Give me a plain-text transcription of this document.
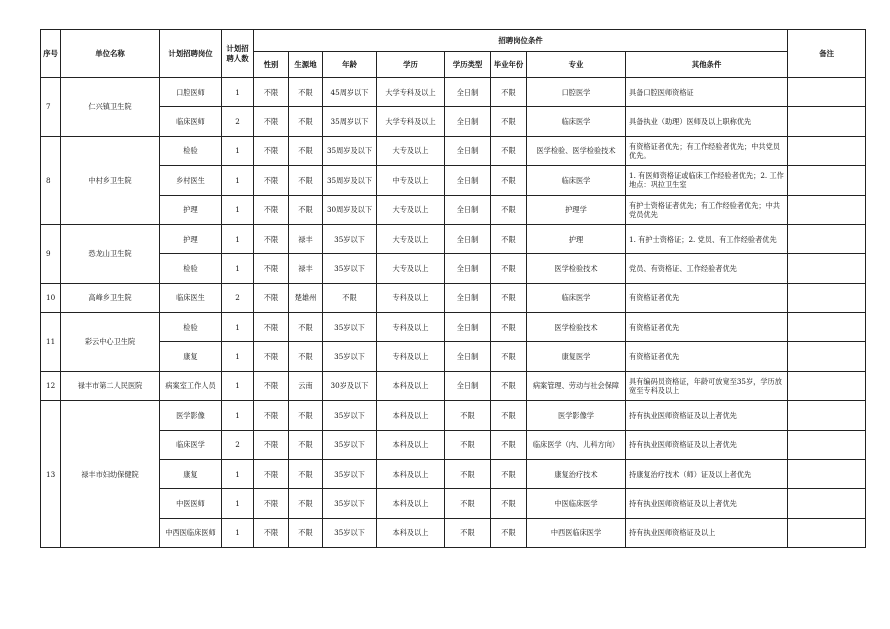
序号	单位名称	计划招聘岗位	计划招聘人数	招聘岗位条件								备注
				性别	生源地	年龄	学历	学历类型	毕业年份	专业	其他条件	
7	仁兴镇卫生院	口腔医师	1	不限	不限	45周岁以下	大学专科及以上	全日制	不限	口腔医学	具备口腔医师资格证	
		临床医师	2	不限	不限	35周岁以下	大学专科及以上	全日制	不限	临床医学	具备执业（助理）医师及以上职称优先	
8	中村乡卫生院	检验	1	不限	不限	35周岁及以下	大专及以上	全日制	不限	医学检验、医学检验技术	有资格证者优先；有工作经验者优先；中共党员优先。	
		乡村医生	1	不限	不限	35周岁及以下	中专及以上	全日制	不限	临床医学	1. 有医师资格证或临床工作经验者优先；2. 工作地点：巩拉卫生室	
		护理	1	不限	不限	30周岁及以下	大专及以上	全日制	不限	护理学	有护士资格证者优先；有工作经验者优先；中共党员优先	
9	恐龙山卫生院	护理	1	不限	禄丰	35岁以下	大专及以上	全日制	不限	护理	1. 有护士资格证；2. 党员、有工作经验者优先	
		检验	1	不限	禄丰	35岁以下	大专及以上	全日制	不限	医学检验技术	党员、有资格证、工作经验者优先	
10	高峰乡卫生院	临床医生	2	不限	楚雄州	不限	专科及以上	全日制	不限	临床医学	有资格证者优先	
11	彩云中心卫生院	检验	1	不限	不限	35岁以下	专科及以上	全日制	不限	医学检验技术	有资格证者优先	
		康复	1	不限	不限	35岁以下	专科及以上	全日制	不限	康复医学	有资格证者优先	
12	禄丰市第二人民医院	病案室工作人员	1	不限	云南	30岁及以下	本科及以上	全日制	不限	病案管理、劳动与社会保障	具有编码员资格证，年龄可放宽至35岁，学历放宽至专科及以上	
13	禄丰市妇幼保健院	医学影像	1	不限	不限	35岁以下	本科及以上	不限	不限	医学影像学	持有执业医师资格证及以上者优先	
		临床医学	2	不限	不限	35岁以下	本科及以上	不限	不限	临床医学（内、儿科方向）	持有执业医师资格证及以上者优先	
		康复	1	不限	不限	35岁以下	本科及以上	不限	不限	康复治疗技术	持康复治疗技术（师）证及以上者优先	
		中医医师	1	不限	不限	35岁以下	本科及以上	不限	不限	中医临床医学	持有执业医师资格证及以上者优先	
		中西医临床医师	1	不限	不限	35岁以下	本科及以上	不限	不限	中西医临床医学	持有执业医师资格证及以上	
